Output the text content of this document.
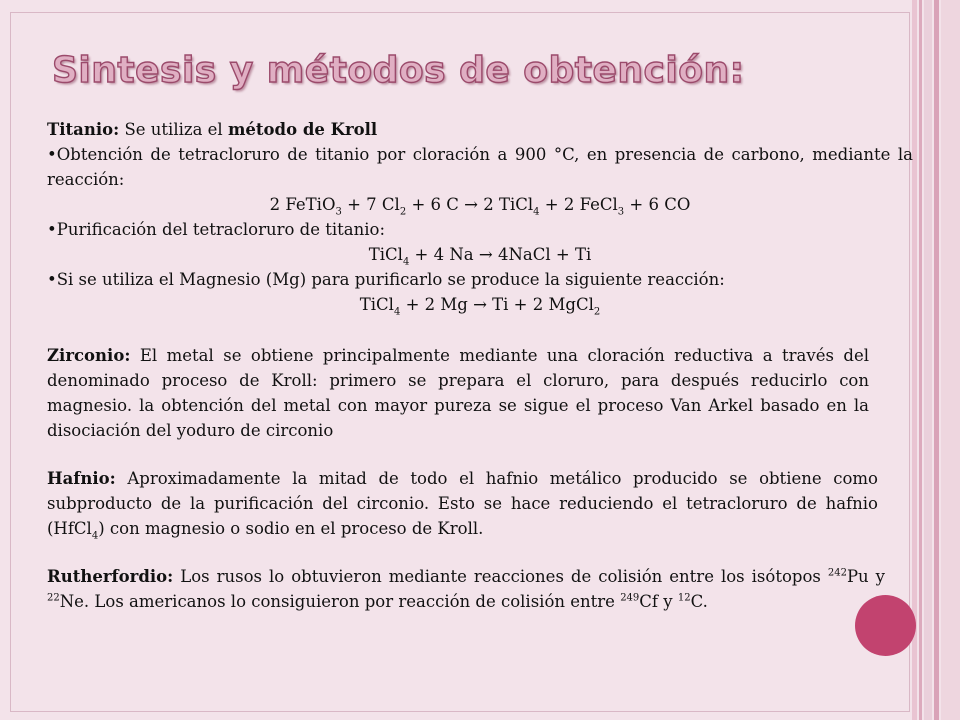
Sintesis y métodos de obtención:

Titanio: Se utiliza el método de Kroll

•Obtención de tetracloruro de titanio por cloración a 900 °C, en presencia de carbono, mediante la reacción:

2 FeTiO$_3$ + 7 $Cl_2 + 6$ C → 2 TiCl$_4$ + 2 FeCl$_3$ + 6 CO

•Purificación del tetracloruro de titanio:

TiCl$_4$ + 4 Na → 4NaCl + Ti

•Si se utiliza el Magnesio (Mg) para purificarlo se produce la siguiente reacción:

TiCl$_4$ + 2 Mg → Ti + 2 MgCl$_2$

Zirconio: El metal se obtiene principalmente mediante una cloración reductiva a través del denominado proceso de Kroll: primero se prepara el cloruro, para después reducirlo con magnesio. la obtención del metal con mayor pureza se sigue el proceso Van Arkel basado en la disociación del yoduro de circonio

Hafnio: Aproximadamente la mitad de todo el hafnio metálico producido se obtiene como subproducto de la purificación del circonio. Esto se hace reduciendo el tetracloruro de hafnio (HfCl$_4$) con magnesio o sodio en el proceso de Kroll.

Rutherfordio: Los rusos lo obtuvieron mediante reacciones de colisión entre los isótopos $^{242}$Pu y $^{22}$Ne. Los americanos lo consiguieron por reacción de colisión entre $^{249}$Cf y $^{12}$C.
